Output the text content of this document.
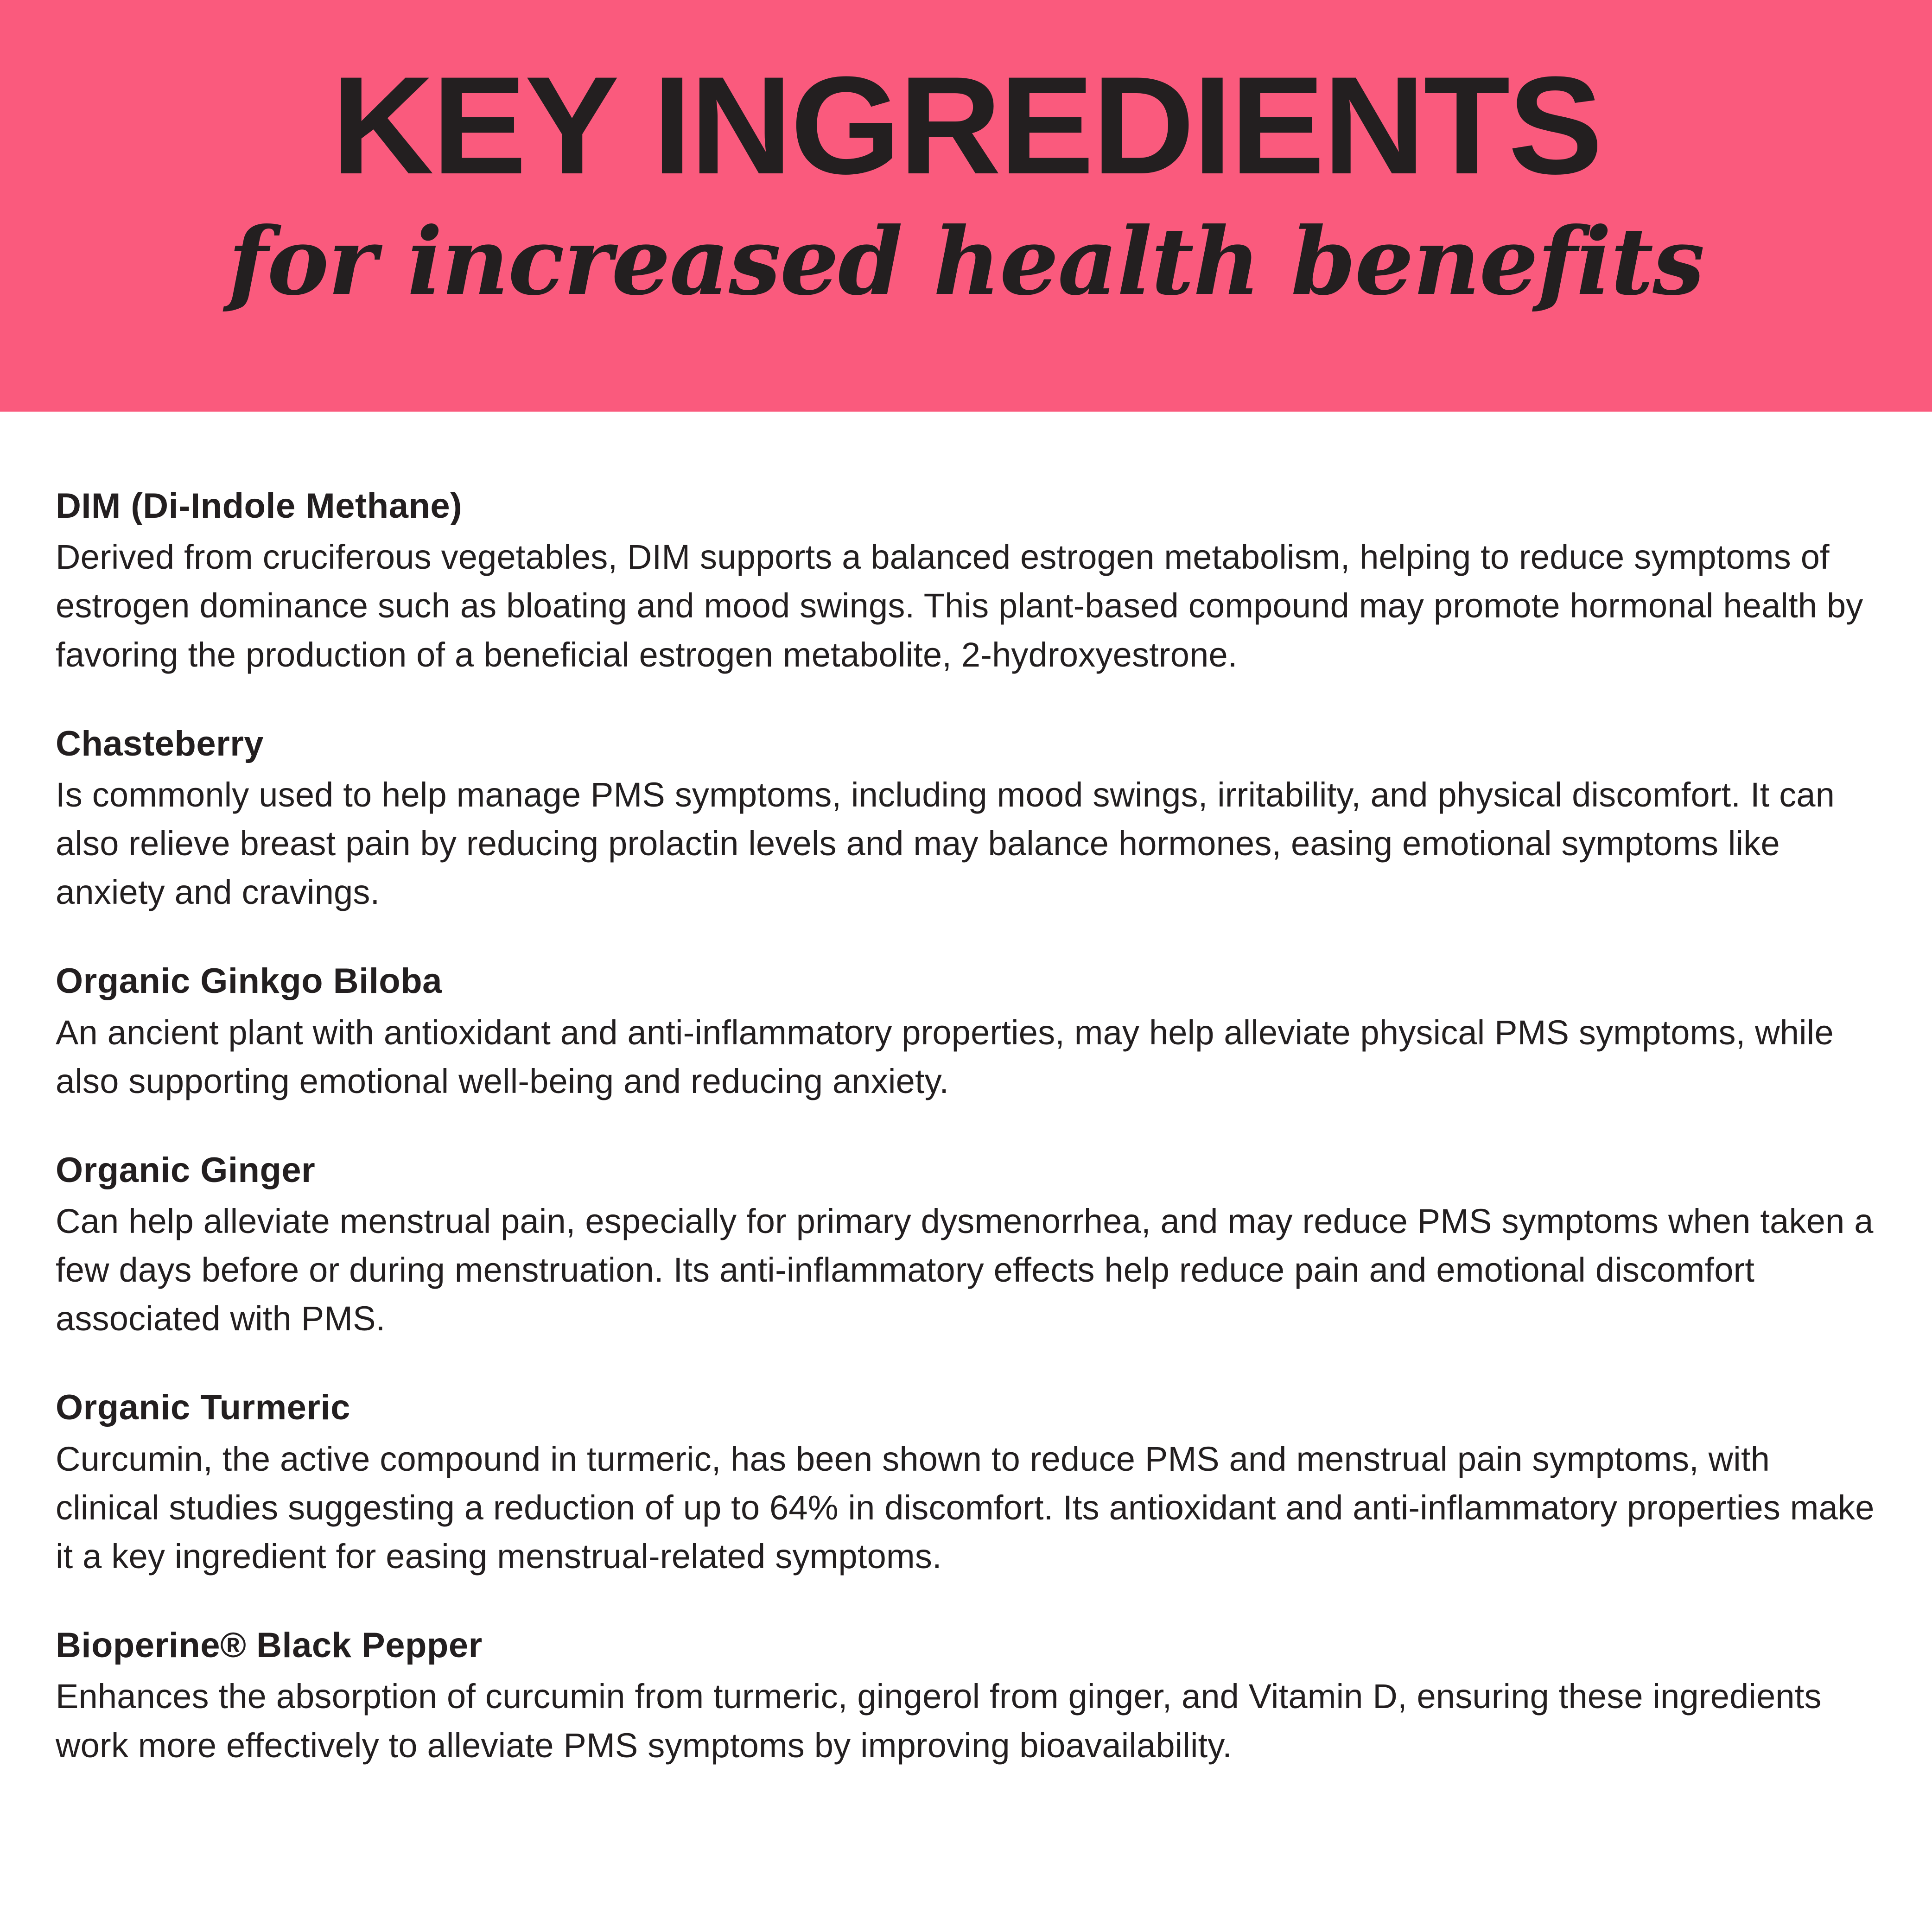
KEY INGREDIENTS
for increased health benefits
DIM (Di-Indole Methane)

Derived from cruciferous vegetables, DIM supports a balanced estrogen metabolism, helping to reduce symptoms of estrogen dominance such as bloating and mood swings. This plant-based compound may promote hormonal health by favoring the production of a beneficial estrogen metabolite, 2-hydroxyestrone.

Chasteberry

Is commonly used to help manage PMS symptoms, including mood swings, irritability, and physical discomfort. It can also relieve breast pain by reducing prolactin levels and may balance hormones, easing emotional symptoms like anxiety and cravings.

Organic Ginkgo Biloba

An ancient plant with antioxidant and anti-inflammatory properties, may help alleviate physical PMS symptoms, while also supporting emotional well-being and reducing anxiety.

Organic Ginger

Can help alleviate menstrual pain, especially for primary dysmenorrhea, and may reduce PMS symptoms when taken a few days before or during menstruation. Its anti-inflammatory effects help reduce pain and emotional discomfort associated with PMS.

Organic Turmeric

Curcumin, the active compound in turmeric, has been shown to reduce PMS and menstrual pain symptoms, with clinical studies suggesting a reduction of up to 64% in discomfort. Its antioxidant and anti-inflammatory properties make it a key ingredient for easing menstrual-related symptoms.

Bioperine® Black Pepper

Enhances the absorption of curcumin from turmeric, gingerol from ginger, and Vitamin D, ensuring these ingredients work more effectively to alleviate PMS symptoms by improving bioavailability.
